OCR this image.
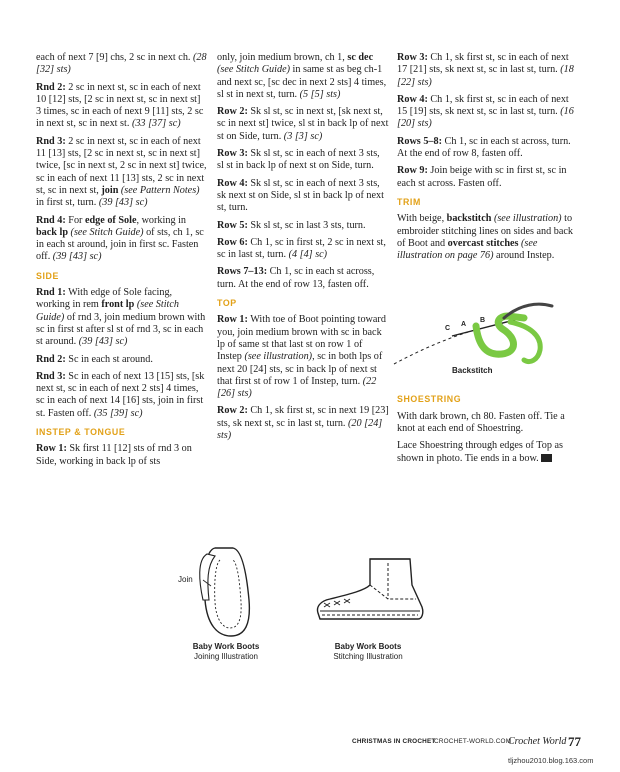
each of next 7 [9] chs, 2 sc in next ch. (28 [32] sts)

Rnd 2: 2 sc in next st, sc in each of next 10 [12] sts, [2 sc in next st, sc in next st] 3 times, sc in each of next 9 [11] sts, 2 sc in next st, sc in next st. (33 [37] sc)

Rnd 3: 2 sc in next st, sc in each of next 11 [13] sts, [2 sc in next st, sc in next st] twice, [sc in next st, 2 sc in next st] twice, sc in each of next 11 [13] sts, 2 sc in next st, sc in next st, join (see Pattern Notes) in first st, turn. (39 [43] sc)

Rnd 4: For edge of Sole, working in back lp (see Stitch Guide) of sts, ch 1, sc in each st around, join in first sc. Fasten off. (39 [43] sc)

SIDE

Rnd 1: With edge of Sole facing, working in rem front lp (see Stitch Guide) of rnd 3, join medium brown with sc in first st after sl st of rnd 3, sc in each st around. (39 [43] sc)

Rnd 2: Sc in each st around.

Rnd 3: Sc in each of next 13 [15] sts, [sk next st, sc in each of next 2 sts] 4 times, sc in each of next 14 [16] sts, join in first st. Fasten off. (35 [39] sc)

INSTEP & TONGUE

Row 1: Sk first 11 [12] sts of rnd 3 on Side, working in back lp of sts

only, join medium brown, ch 1, sc dec (see Stitch Guide) in same st as beg ch-1 and next sc, [sc dec in next 2 sts] 4 times, sl st in next st, turn. (5 [5] sts)

Row 2: Sk sl st, sc in next st, [sk next st, sc in next st] twice, sl st in back lp of next st on Side, turn. (3 [3] sc)

Row 3: Sk sl st, sc in each of next 3 sts, sl st in back lp of next st on Side, turn.

Row 4: Sk sl st, sc in each of next 3 sts, sk next st on Side, sl st in back lp of next st, turn.

Row 5: Sk sl st, sc in last 3 sts, turn.

Row 6: Ch 1, sc in first st, 2 sc in next st, sc in last st, turn. (4 [4] sc)

Rows 7–13: Ch 1, sc in each st across, turn. At the end of row 13, fasten off.

TOP

Row 1: With toe of Boot pointing toward you, join medium brown with sc in back lp of same st that last st on row 1 of Instep (see illustration), sc in both lps of next 20 [24] sts, sc in back lp of next st that first st of row 1 of Instep, turn. (22 [26] sts)

Row 2: Ch 1, sk first st, sc in next 19 [23] sts, sk next st, sc in last st, turn. (20 [24] sts)

Row 3: Ch 1, sk first st, sc in each of next 17 [21] sts, sk next st, sc in last st, turn. (18 [22] sts)

Row 4: Ch 1, sk first st, sc in each of next 15 [19] sts, sk next st, sc in last st, turn. (16 [20] sts)

Rows 5–8: Ch 1, sc in each st across, turn. At the end of row 8, fasten off.

Row 9: Join beige with sc in first st, sc in each st across. Fasten off.

TRIM

With beige, backstitch (see illustration) to embroider stitching lines on sides and back of Boot and overcast stitches (see illustration on page 76) around Instep.

SHOESTRING

With dark brown, ch 80. Fasten off. Tie a knot at each end of Shoestring.

Lace Shoestring through edges of Top as shown in photo. Tie ends in a bow.

C
A
B
Backstitch
Join
Baby Work Boots
Joining Illustration
Baby Work Boots
Stitching Illustration
CHRISTMAS IN CROCHET
CROCHET-WORLD.COM
Crochet World 77
tljzhou2010.blog.163.com
